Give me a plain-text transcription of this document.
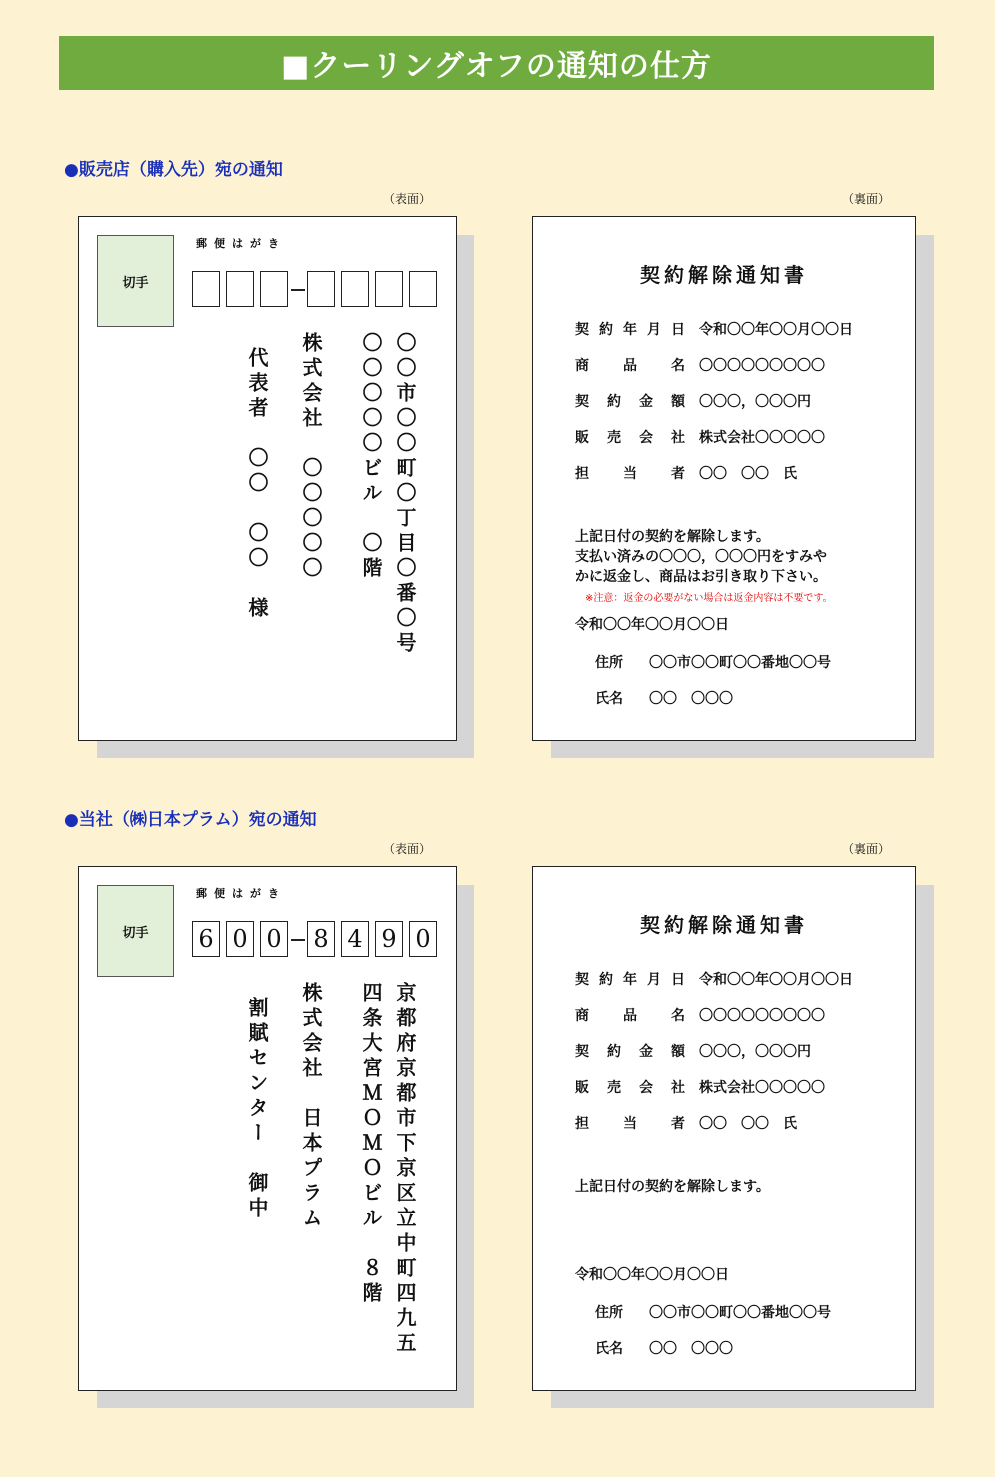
■クーリングオフの通知の仕方
●販売店（購入先）宛の通知
（表面）	（裏面）
切手
郵便はがき
〇〇市〇〇町〇丁目〇番〇号
〇〇〇〇〇ビル　〇階
株式会社　〇〇〇〇〇
代表者　〇〇　〇〇　様
契約解除通知書
契約年月日 令和〇〇年〇〇月〇〇日
商品名 〇〇〇〇〇〇〇〇〇
契約金額 〇〇〇，〇〇〇円
販売会社 株式会社〇〇〇〇〇
担当者 〇〇　〇〇　氏
上記日付の契約を解除します。
支払い済みの〇〇〇，〇〇〇円をすみや
かに返金し、商品はお引き取り下さい。
※注意：返金の必要がない場合は返金内容は不要です。
令和〇〇年〇〇月〇〇日
住所 〇〇市〇〇町〇〇番地〇〇号
氏名 〇〇　〇〇〇
●当社（㈱日本プラム）宛の通知
（表面）	（裏面）
切手
郵便はがき
6 0 0 8 4 9 0
京都府京都市下京区立中町四九五
四条大宮ＭＯＭＯビル　８階
株式会社　日本プラム
割賦センター　御中
契約解除通知書
契約年月日 令和〇〇年〇〇月〇〇日
商品名 〇〇〇〇〇〇〇〇〇
契約金額 〇〇〇，〇〇〇円
販売会社 株式会社〇〇〇〇〇
担当者 〇〇　〇〇　氏
上記日付の契約を解除します。
令和〇〇年〇〇月〇〇日
住所 〇〇市〇〇町〇〇番地〇〇号
氏名 〇〇　〇〇〇
